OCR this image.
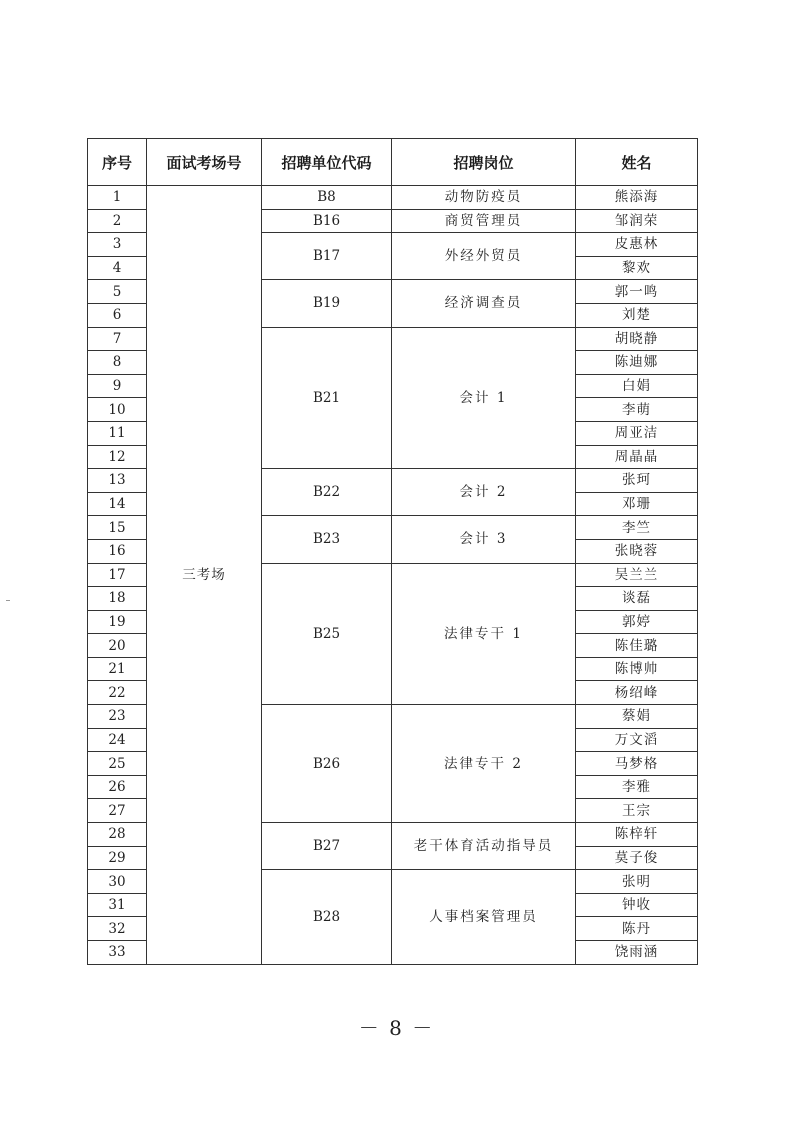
序号	面试考场号	招聘单位代码	招聘岗位	姓名
1	三考场	B8	动物防疫员	熊添海
2		B16	商贸管理员	邹润荣
3		B17	外经外贸员	皮惠林
4				黎欢
5		B19	经济调查员	郭一鸣
6				刘楚
7		B21	会计 1	胡晓静
8				陈迪娜
9				白娟
10				李萌
11				周亚洁
12				周晶晶
13		B22	会计 2	张珂
14				邓珊
15		B23	会计 3	李竺
16				张晓蓉
17		B25	法律专干 1	吴兰兰
18				谈磊
19				郭婷
20				陈佳璐
21				陈博帅
22				杨绍峰
23		B26	法律专干 2	蔡娟
24				万文滔
25				马梦格
26				李雅
27				王宗
28		B27	老干体育活动指导员	陈梓轩
29				莫子俊
30		B28	人事档案管理员	张明
31				钟收
32				陈丹
33				饶雨涵
－ 8 －
